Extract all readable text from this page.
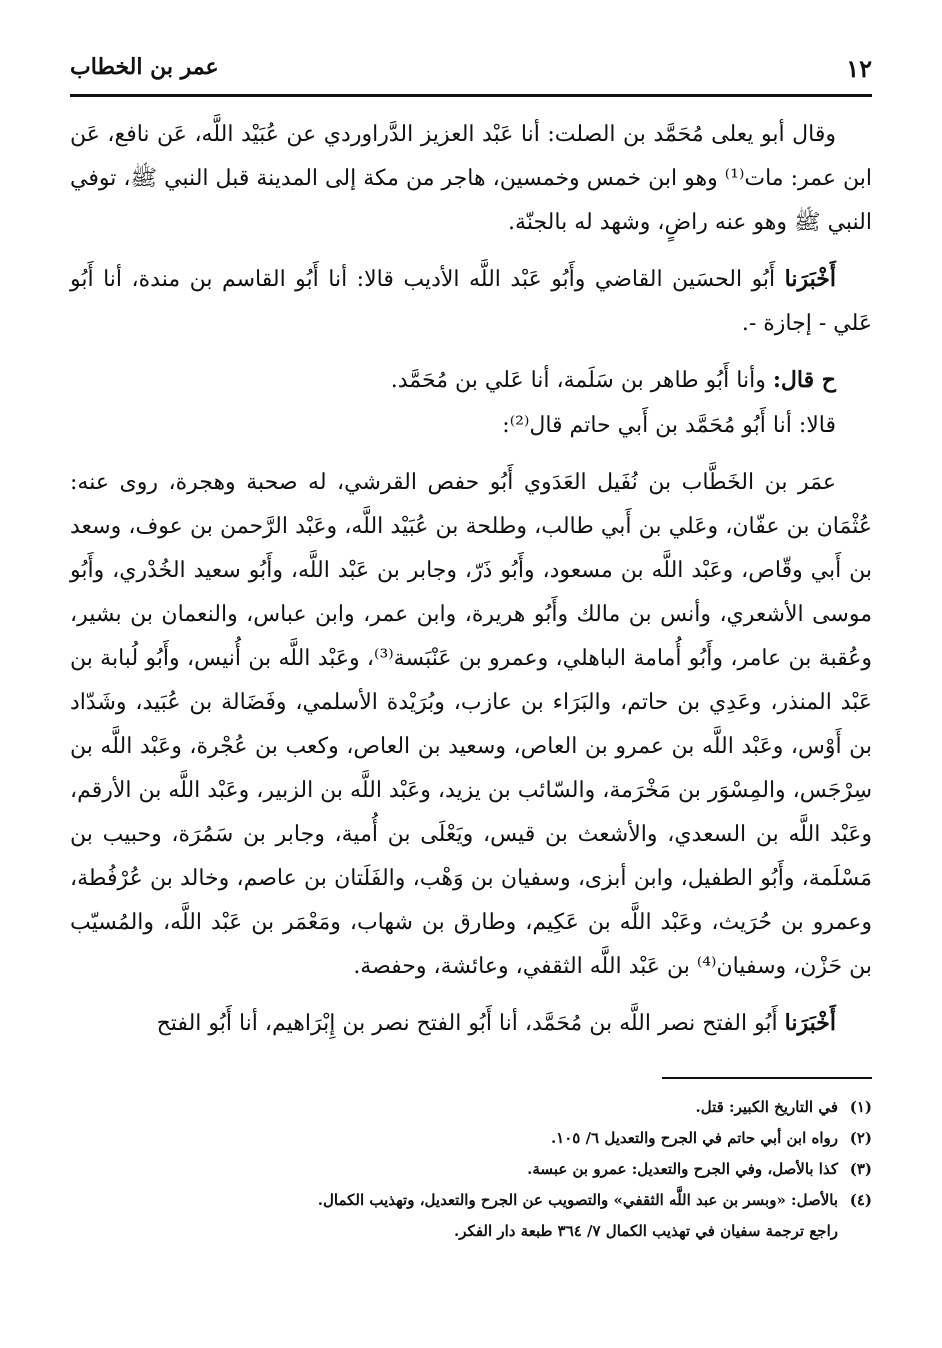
١٢
عمر بن الخطاب

وقال أبو يعلى مُحَمَّد بن الصلت: أنا عَبْد العزيز الدَّراوردي عن عُبَيْد اللَّه، عَن نافع، عَن ابن عمر: مات⁽¹⁾ وهو ابن خمس وخمسين، هاجر من مكة إلى المدينة قبل النبي ﷺ، توفي النبي ﷺ وهو عنه راضٍ، وشهد له بالجنّة.

أَخْبَرَنا أَبُو الحسَين القاضي وأَبُو عَبْد اللَّه الأديب قالا: أنا أَبُو القاسم بن مندة، أنا أَبُو عَلي - إجازة -.

ح قال: وأنا أَبُو طاهر بن سَلَمة، أنا عَلي بن مُحَمَّد.

قالا: أنا أَبُو مُحَمَّد بن أَبي حاتم قال⁽²⁾:

عمَر بن الخَطَّاب بن نُفَيل العَدَوي أَبُو حفص القرشي، له صحبة وهجرة، روى عنه: عُثْمَان بن عفّان، وعَلي بن أَبي طالب، وطلحة بن عُبَيْد اللَّه، وعَبْد الرَّحمن بن عوف، وسعد بن أَبي وقّاص، وعَبْد اللَّه بن مسعود، وأَبُو ذَرّ، وجابر بن عَبْد اللَّه، وأَبُو سعيد الخُدْري، وأَبُو موسى الأشعري، وأنس بن مالك وأَبُو هريرة، وابن عمر، وابن عباس، والنعمان بن بشير، وعُقبة بن عامر، وأَبُو أُمامة الباهلي، وعمرو بن عَنْبَسة⁽³⁾، وعَبْد اللَّه بن أُنيس، وأَبُو لُبابة بن عَبْد المنذر، وعَدِي بن حاتم، والبَرَاء بن عازب، وبُرَيْدة الأسلمي، وفَضَالة بن عُبَيد، وشَدّاد بن أَوْس، وعَبْد اللَّه بن عمرو بن العاص، وسعيد بن العاص، وكعب بن عُجْرة، وعَبْد اللَّه بن سِرْجَس، والمِسْوَر بن مَخْرَمة، والسّائب بن يزيد، وعَبْد اللَّه بن الزبير، وعَبْد اللَّه بن الأرقم، وعَبْد اللَّه بن السعدي، والأشعث بن قيس، ويَعْلَى بن أُمية، وجابر بن سَمُرَة، وحبيب بن مَسْلَمة، وأَبُو الطفيل، وابن أبزى، وسفيان بن وَهْب، والفَلَتان بن عاصم، وخالد بن عُرْفُطة، وعمرو بن حُرَيث، وعَبْد اللَّه بن عَكِيم، وطارق بن شهاب، ومَعْمَر بن عَبْد اللَّه، والمُسيّب بن حَزْن، وسفيان⁽⁴⁾ بن عَبْد اللَّه الثقفي، وعائشة، وحفصة.

أَخْبَرَنا أَبُو الفتح نصر اللَّه بن مُحَمَّد، أنا أَبُو الفتح نصر بن إِبْرَاهيم، أنا أَبُو الفتح

(١)في التاريخ الكبير: قتل.

(٢)رواه ابن أبي حاتم في الجرح والتعديل ٦/ ١٠٥.

(٣)كذا بالأصل، وفي الجرح والتعديل: عمرو بن عبسة.

(٤)بالأصل: «وبسر بن عبد اللَّه الثقفي» والتصويب عن الجرح والتعديل، وتهذيب الكمال.

راجع ترجمة سفيان في تهذيب الكمال ٧/ ٣٦٤ طبعة دار الفكر.
